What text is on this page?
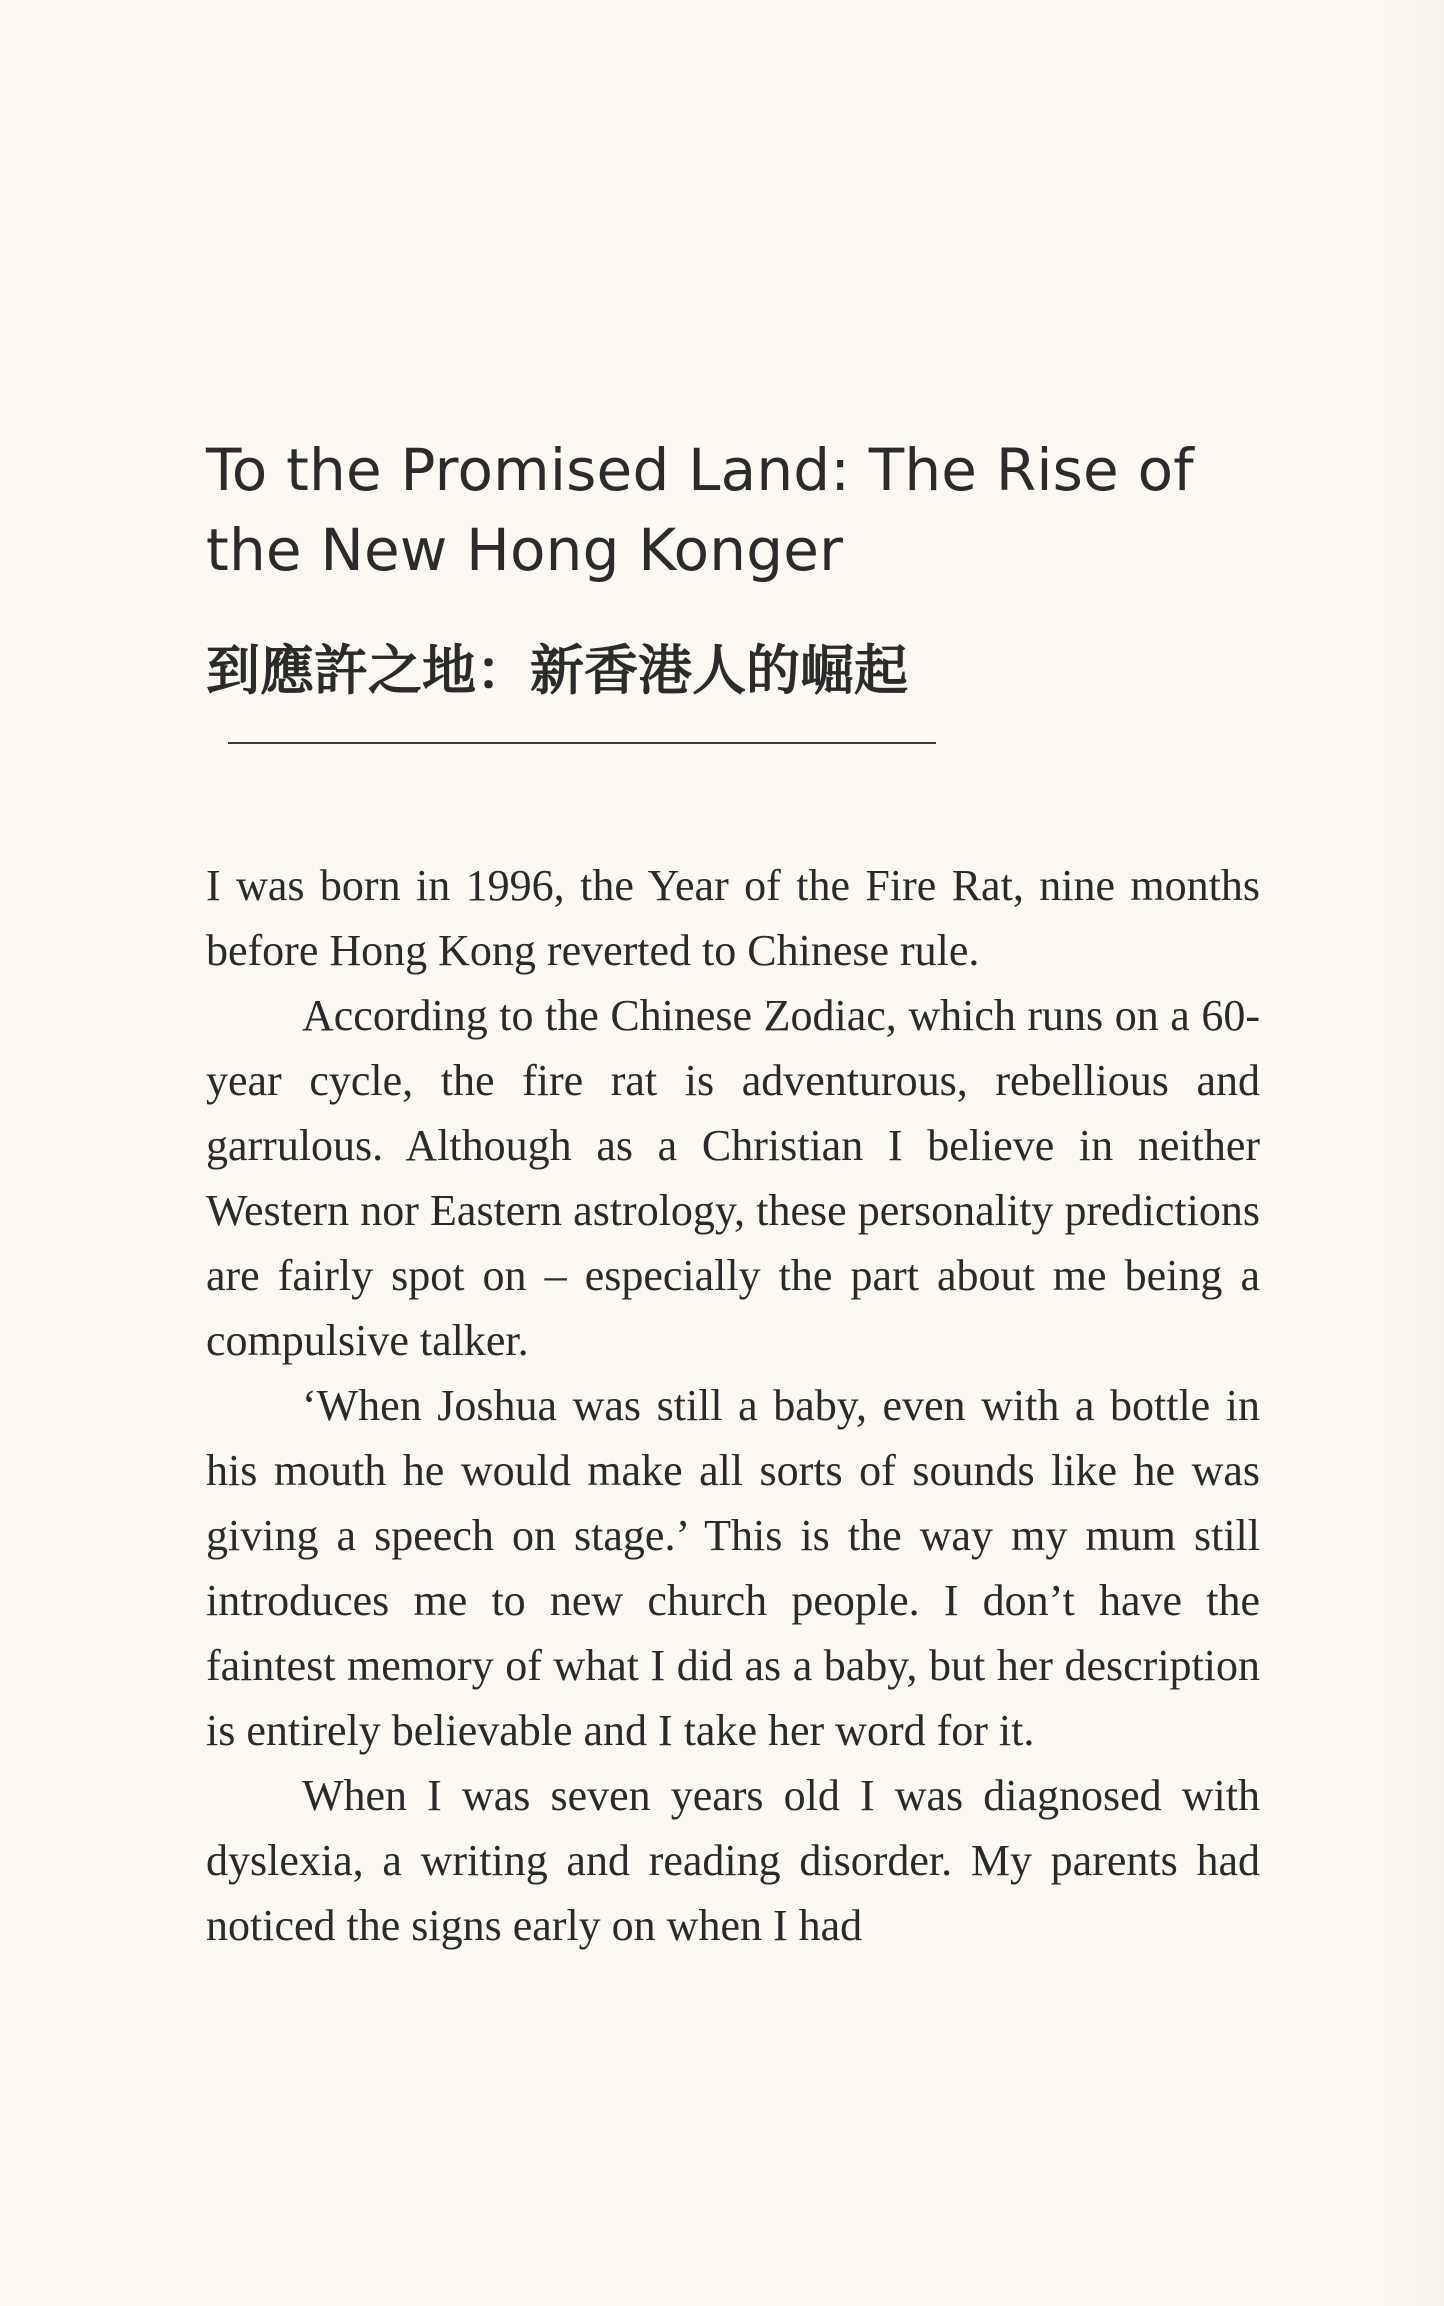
To the Promised Land: The Rise of
the New Hong Konger
到應許之地：新香港人的崛起

I was born in 1996, the Year of the Fire Rat, nine months before Hong Kong reverted to Chinese rule.

According to the Chinese Zodiac, which runs on a 60-year cycle, the fire rat is adventurous, rebellious and garrulous. Although as a Christian I believe in neither Western nor Eastern astrology, these personality predictions are fairly spot on – especially the part about me being a compulsive talker.

‘When Joshua was still a baby, even with a bottle in his mouth he would make all sorts of sounds like he was giving a speech on stage.’ This is the way my mum still introduces me to new church people. I don’t have the faintest memory of what I did as a baby, but her description is entirely believable and I take her word for it.

When I was seven years old I was diagnosed with dyslexia, a writing and reading disorder. My parents had noticed the signs early on when I had
